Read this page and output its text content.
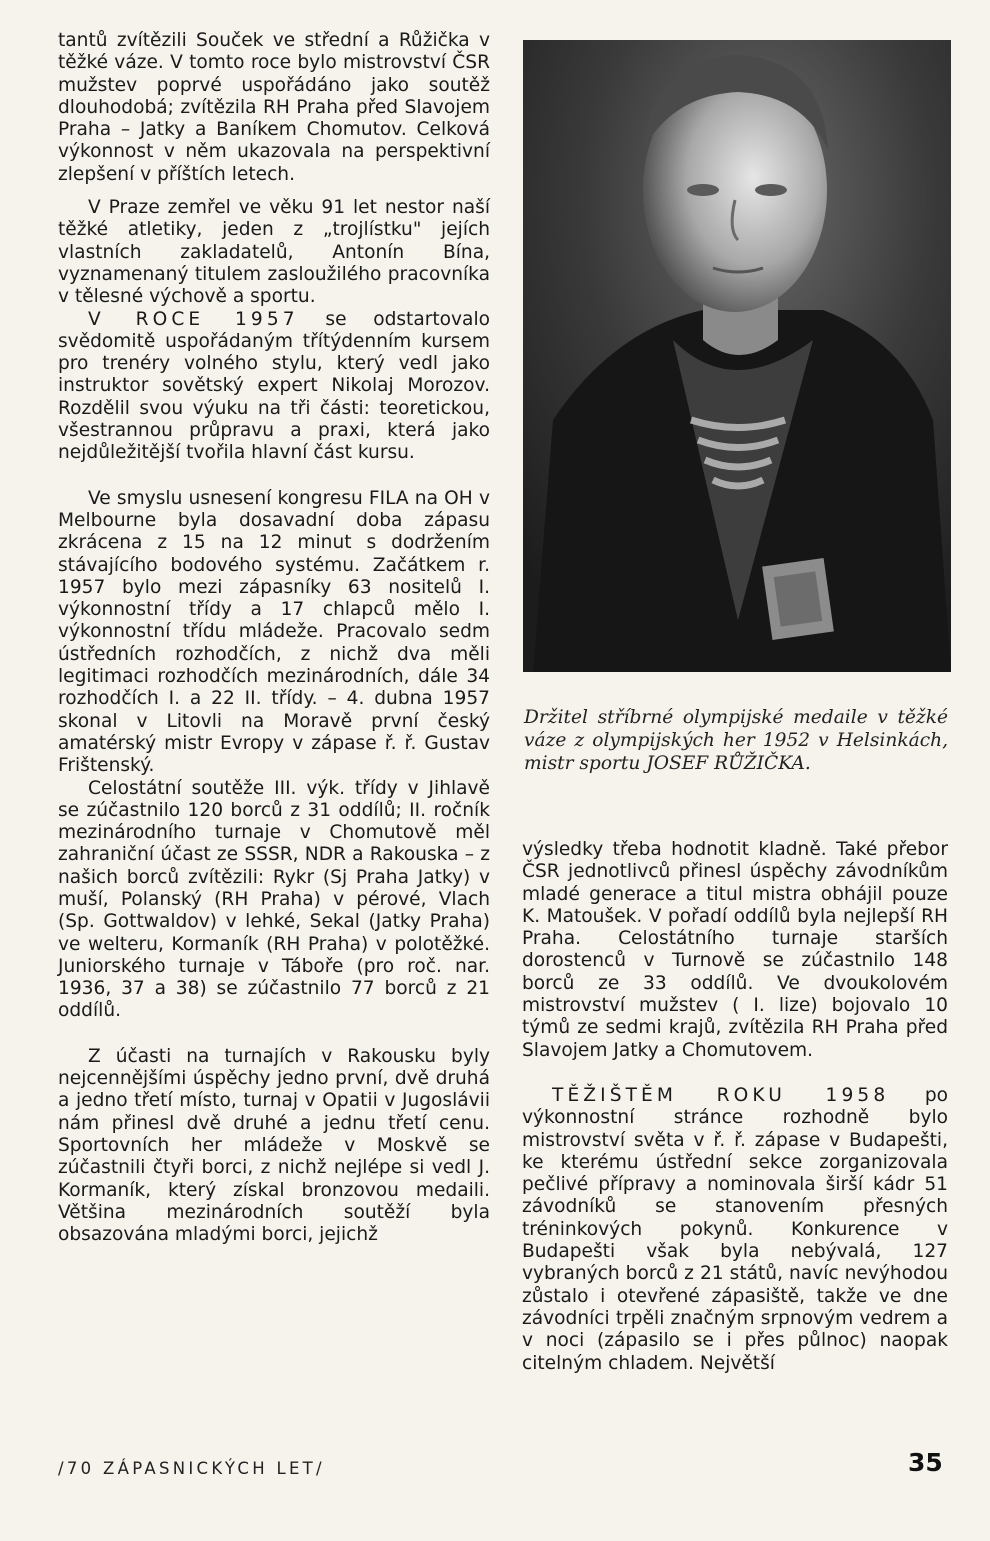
tantů zvítězili Souček ve střední a Růžička v těžké váze. V tomto roce bylo mistrovství ČSR mužstev poprvé uspořádáno jako soutěž dlouhodobá; zvítězila RH Praha před Slavojem Praha – Jatky a Baníkem Chomutov. Celková výkonnost v něm ukazovala na perspektivní zlepšení v příštích letech.

V Praze zemřel ve věku 91 let nestor naší těžké atletiky, jeden z „trojlístku" jejích vlastních zakladatelů, Antonín Bína, vyznamenaný titulem zasloužilého pracovníka v tělesné výchově a sportu.

V ROCE 1957 se odstartovalo svědomitě uspořádaným třítýdenním kursem pro trenéry volného stylu, který vedl jako instruktor sovětský expert Nikolaj Morozov. Rozdělil svou výuku na tři části: teoretickou, všestrannou průpravu a praxi, která jako nejdůležitější tvořila hlavní část kursu.

Ve smyslu usnesení kongresu FILA na OH v Melbourne byla dosavadní doba zápasu zkrácena z 15 na 12 minut s dodržením stávajícího bodového systému. Začátkem r. 1957 bylo mezi zápasníky 63 nositelů I. výkonnostní třídy a 17 chlapců mělo I. výkonnostní třídu mládeže. Pracovalo sedm ústředních rozhodčích, z nichž dva měli legitimaci rozhodčích mezinárodních, dále 34 rozhodčích I. a 22 II. třídy. – 4. dubna 1957 skonal v Litovli na Moravě první český amatérský mistr Evropy v zápase ř. ř. Gustav Frištenský.

Celostátní soutěže III. výk. třídy v Jihlavě se zúčastnilo 120 borců z 31 oddílů; II. ročník mezinárodního turnaje v Chomutově měl zahraniční účast ze SSSR, NDR a Rakouska – z našich borců zvítězili: Rykr (Sj Praha Jatky) v muší, Polanský (RH Praha) v pérové, Vlach (Sp. Gottwaldov) v lehké, Sekal (Jatky Praha) ve welteru, Kormaník (RH Praha) v polotěžké. Juniorského turnaje v Táboře (pro roč. nar. 1936, 37 a 38) se zúčastnilo 77 borců z 21 oddílů.

Z účasti na turnajích v Rakousku byly nejcennějšími úspěchy jedno první, dvě druhá a jedno třetí místo, turnaj v Opatii v Jugoslávii nám přinesl dvě druhé a jednu třetí cenu. Sportovních her mládeže v Moskvě se zúčastnili čtyři borci, z nichž nejlépe si vedl J. Kormaník, který získal bronzovou medaili. Většina mezinárodních soutěží byla obsazována mladými borci, jejichž

Držitel stříbrné olympijské medaile v těžké váze z olympijských her 1952 v Helsinkách, mistr sportu JOSEF RŮŽIČKA.

výsledky třeba hodnotit kladně. Také přebor ČSR jednotlivců přinesl úspěchy závodníkům mladé generace a titul mistra obhájil pouze K. Matoušek. V pořadí oddílů byla nejlepší RH Praha. Celostátního turnaje starších dorostenců v Turnově se zúčastnilo 148 borců ze 33 oddílů. Ve dvoukolovém mistrovství mužstev ( I. lize) bojovalo 10 týmů ze sedmi krajů, zvítězila RH Praha před Slavojem Jatky a Chomutovem.

TĚŽIŠTĚM ROKU 1958 po výkonnostní stránce rozhodně bylo mistrovství světa v ř. ř. zápase v Budapešti, ke kterému ústřední sekce zorganizovala pečlivé přípravy a nominovala širší kádr 51 závodníků se stanovením přesných tréninkových pokynů. Konkurence v Budapešti však byla nebývalá, 127 vybraných borců z 21 států, navíc nevýhodou zůstalo i otevřené zápasiště, takže ve dne závodníci trpěli značným srpnovým vedrem a v noci (zápasilo se i přes půlnoc) naopak citelným chladem. Největší

/70 ZÁPASNICKÝCH LET/	35
